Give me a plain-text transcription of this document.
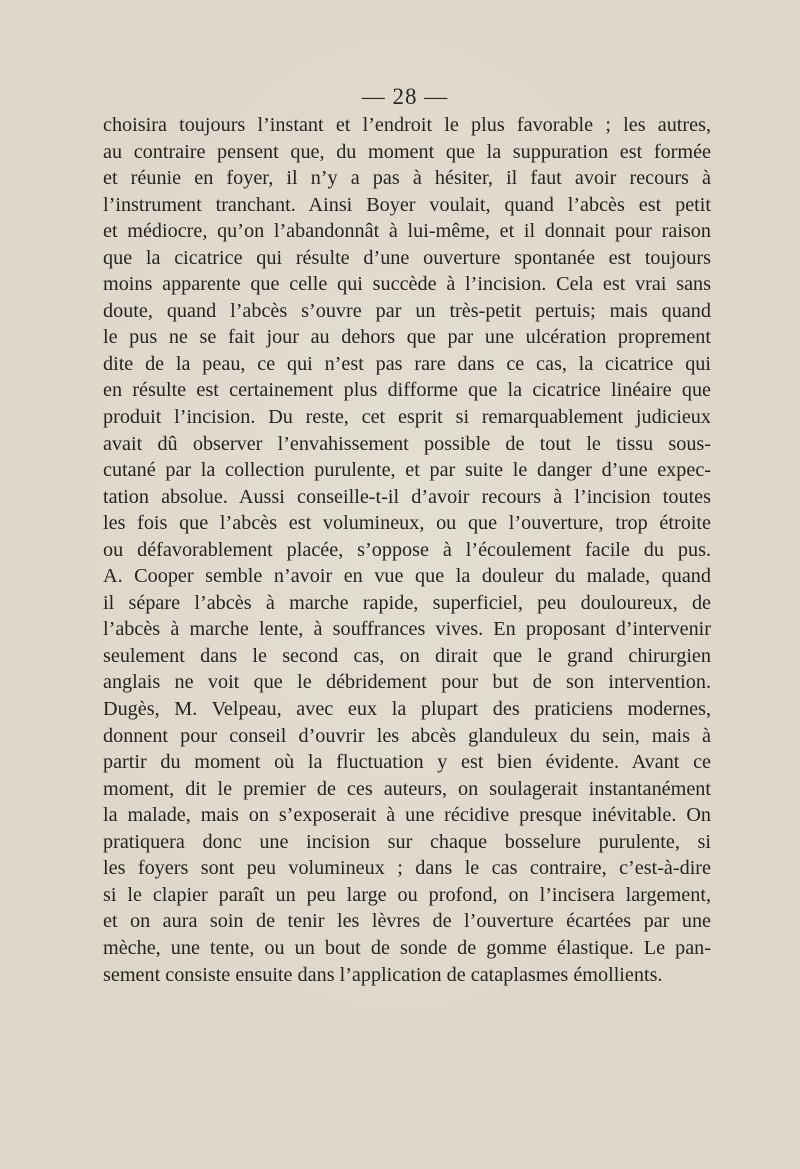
— 28 —
choisira toujours l’instant et l’endroit le plus favorable ; les autres,
au contraire pensent que, du moment que la suppuration est formée
et réunie en foyer, il n’y a pas à hésiter, il faut avoir recours à
l’instrument tranchant. Ainsi Boyer voulait, quand l’abcès est petit
et médiocre, qu’on l’abandonnât à lui-même, et il donnait pour raison
que la cicatrice qui résulte d’une ouverture spontanée est toujours
moins apparente que celle qui succède à l’incision. Cela est vrai sans
doute, quand l’abcès s’ouvre par un très-petit pertuis; mais quand
le pus ne se fait jour au dehors que par une ulcération proprement
dite de la peau, ce qui n’est pas rare dans ce cas, la cicatrice qui
en résulte est certainement plus difforme que la cicatrice linéaire que
produit l’incision. Du reste, cet esprit si remarquablement judicieux
avait dû observer l’envahissement possible de tout le tissu sous-
cutané par la collection purulente, et par suite le danger d’une expec-
tation absolue. Aussi conseille-t-il d’avoir recours à l’incision toutes
les fois que l’abcès est volumineux, ou que l’ouverture, trop étroite
ou défavorablement placée, s’oppose à l’écoulement facile du pus.
A. Cooper semble n’avoir en vue que la douleur du malade, quand
il sépare l’abcès à marche rapide, superficiel, peu douloureux, de
l’abcès à marche lente, à souffrances vives. En proposant d’intervenir
seulement dans le second cas, on dirait que le grand chirurgien
anglais ne voit que le débridement pour but de son intervention.
Dugès, M. Velpeau, avec eux la plupart des praticiens modernes,
donnent pour conseil d’ouvrir les abcès glanduleux du sein, mais à
partir du moment où la fluctuation y est bien évidente. Avant ce
moment, dit le premier de ces auteurs, on soulagerait instantanément
la malade, mais on s’exposerait à une récidive presque inévitable. On
pratiquera donc une incision sur chaque bosselure purulente, si
les foyers sont peu volumineux ; dans le cas contraire, c’est-à-dire
si le clapier paraît un peu large ou profond, on l’incisera largement,
et on aura soin de tenir les lèvres de l’ouverture écartées par une
mèche, une tente, ou un bout de sonde de gomme élastique. Le pan-
sement consiste ensuite dans l’application de cataplasmes émollients.
